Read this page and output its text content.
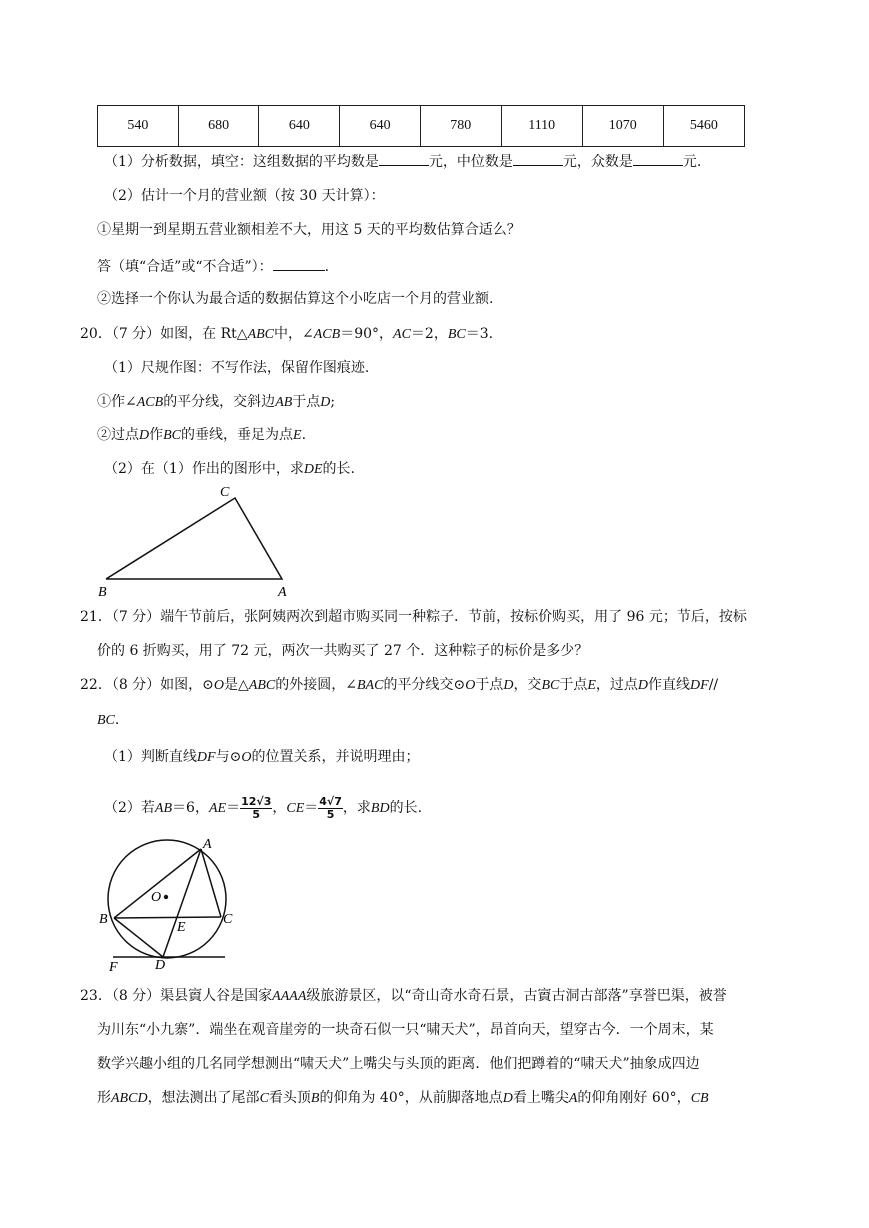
540	680	640	640	780	1110	1070	5460
（1）分析数据，填空：这组数据的平均数是	元，中位数是	元，众数是	元.
（2）估计一个月的营业额（按 30 天计算）：
①星期一到星期五营业额相差不大，用这 5 天的平均数估算合适么？
答（填“合适”或“不合适”）：	.
②选择一个你认为最合适的数据估算这个小吃店一个月的营业额.
20．（7 分）如图，在 Rt△ABC中，∠ACB＝90°，AC＝2，BC＝3.
（1）尺规作图：不写作法，保留作图痕迹.
①作∠ACB的平分线，交斜边AB于点D;
②过点D作BC的垂线，垂足为点E.
（2）在（1）作出的图形中，求DE的长.
C
B	A
21．（7 分）端午节前后，张阿姨两次到超市购买同一种粽子．节前，按标价购买，用了 96 元；节后，按标
价的 6 折购买，用了 72 元，两次一共购买了 27 个．这种粽子的标价是多少？
22．（8 分）如图，⊙O是△ABC的外接圆，∠BAC的平分线交⊙O于点D，交BC于点E，过点D作直线DF//
BC.
（1）判断直线DF与⊙O的位置关系，并说明理由；
（2）若AB＝6，$AE= \frac{12√3}{5}$ ，$CE= \frac{4√7}{5}$ ，求BD的长.
A
O
B	C
E
F	D
23．（8 分）渠县賨人谷是国家AAAA级旅游景区，以“奇山奇水奇石景，古賨古洞古部落”享誉巴渠，被誉
为川东“小九寨”．端坐在观音崖旁的一块奇石似一只“啸天犬”，昂首向天，望穿古今．一个周末，某
数学兴趣小组的几名同学想测出“啸天犬”上嘴尖与头顶的距离．他们把蹲着的“啸天犬”抽象成四边
形ABCD，想法测出了尾部C看头顶B的仰角为 40°，从前脚落地点D看上嘴尖A的仰角刚好 60°，CB
